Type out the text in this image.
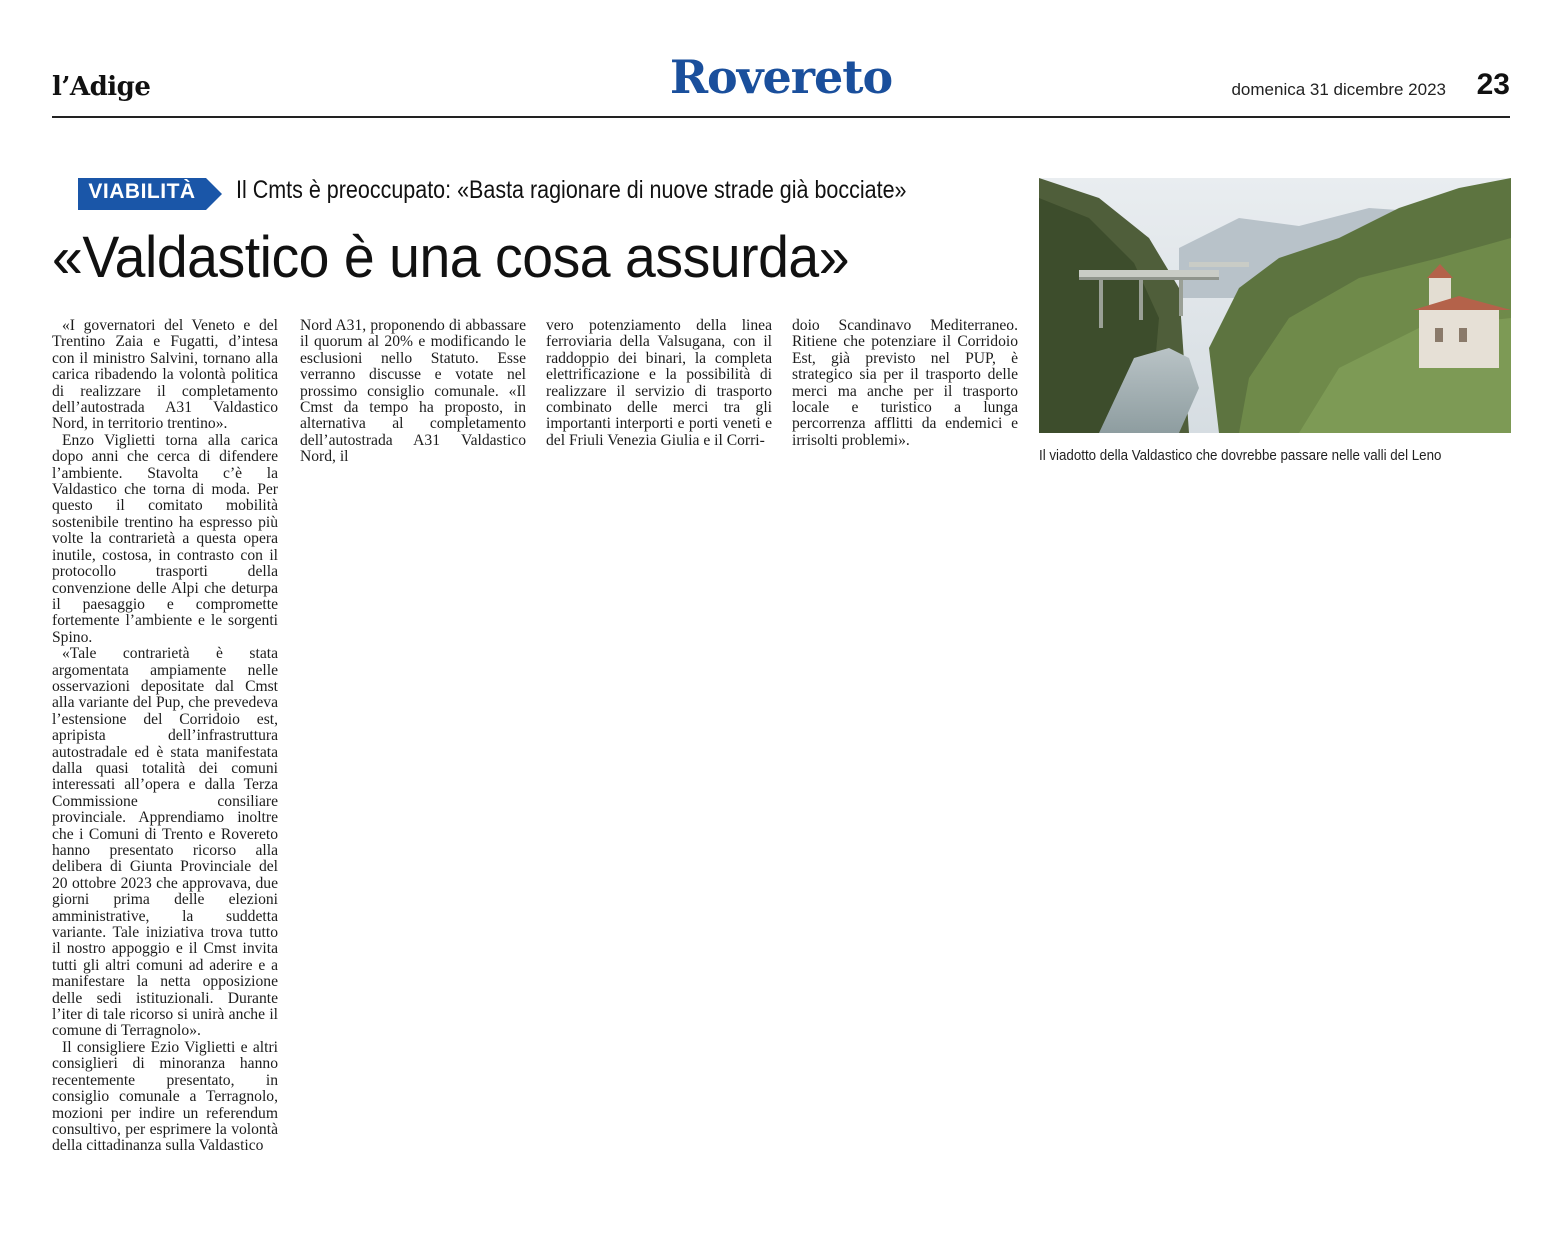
l’Adige	Rovereto	domenica 31 dicembre 2023 23
VIABILITÀ	Il Cmts è preoccupato: «Basta ragionare di nuove strade già bocciate»
«Valdastico è una cosa assurda»

«I governatori del Veneto e del Trentino Zaia e Fugatti, d’intesa con il ministro Salvini, tornano alla carica ribadendo la volontà politica di realizzare il completamento dell’autostrada A31 Valdastico Nord, in territorio trentino».

Enzo Viglietti torna alla carica dopo anni che cerca di difendere l’ambiente. Stavolta c’è la Valdastico che torna di moda. Per questo il comitato mobilità sostenibile trentino ha espresso più volte la contrarietà a questa opera inutile, costosa, in contrasto con il protocollo trasporti della convenzione delle Alpi che deturpa il paesaggio e compromette fortemente l’ambiente e le sorgenti Spino.

«Tale contrarietà è stata argomentata ampiamente nelle osservazioni depositate dal Cmst alla variante del Pup, che prevedeva l’estensione del Corridoio est, apripista dell’infrastruttura autostradale ed è stata manifestata dalla quasi totalità dei comuni interessati all’opera e dalla Terza Commissione consiliare provinciale. Apprendiamo inoltre che i Comuni di Trento e Rovereto hanno presentato ricorso alla delibera di Giunta Provinciale del 20 ottobre 2023 che approvava, due giorni prima delle elezioni amministrative, la suddetta variante. Tale iniziativa trova tutto il nostro appoggio e il Cmst invita tutti gli altri comuni ad aderire e a manifestare la netta opposizione delle sedi istituzionali. Durante l’iter di tale ricorso si unirà anche il comune di Terragnolo».

Il consigliere Ezio Viglietti e altri consiglieri di minoranza hanno recentemente presentato, in consiglio comunale a Terragnolo, mozioni per indire un referendum consultivo, per esprimere la volontà della cittadinanza sulla Valdastico

Nord A31, proponendo di abbassare il quorum al 20% e modificando le esclusioni nello Statuto. Esse verranno discusse e votate nel prossimo consiglio comunale. «Il Cmst da tempo ha proposto, in alternativa al completamento dell’autostrada A31 Valdastico Nord, il

vero potenziamento della linea ferroviaria della Valsugana, con il raddoppio dei binari, la completa elettrificazione e la possibilità di realizzare il servizio di trasporto combinato delle merci tra gli importanti interporti e porti veneti e del Friuli Venezia Giulia e il Corri-

doio Scandinavo Mediterraneo. Ritiene che potenziare il Corridoio Est, già previsto nel PUP, è strategico sia per il trasporto delle merci ma anche per il trasporto locale e turistico a lunga percorrenza afflitti da endemici e irrisolti problemi».

Il viadotto della Valdastico che dovrebbe passare nelle valli del Leno
